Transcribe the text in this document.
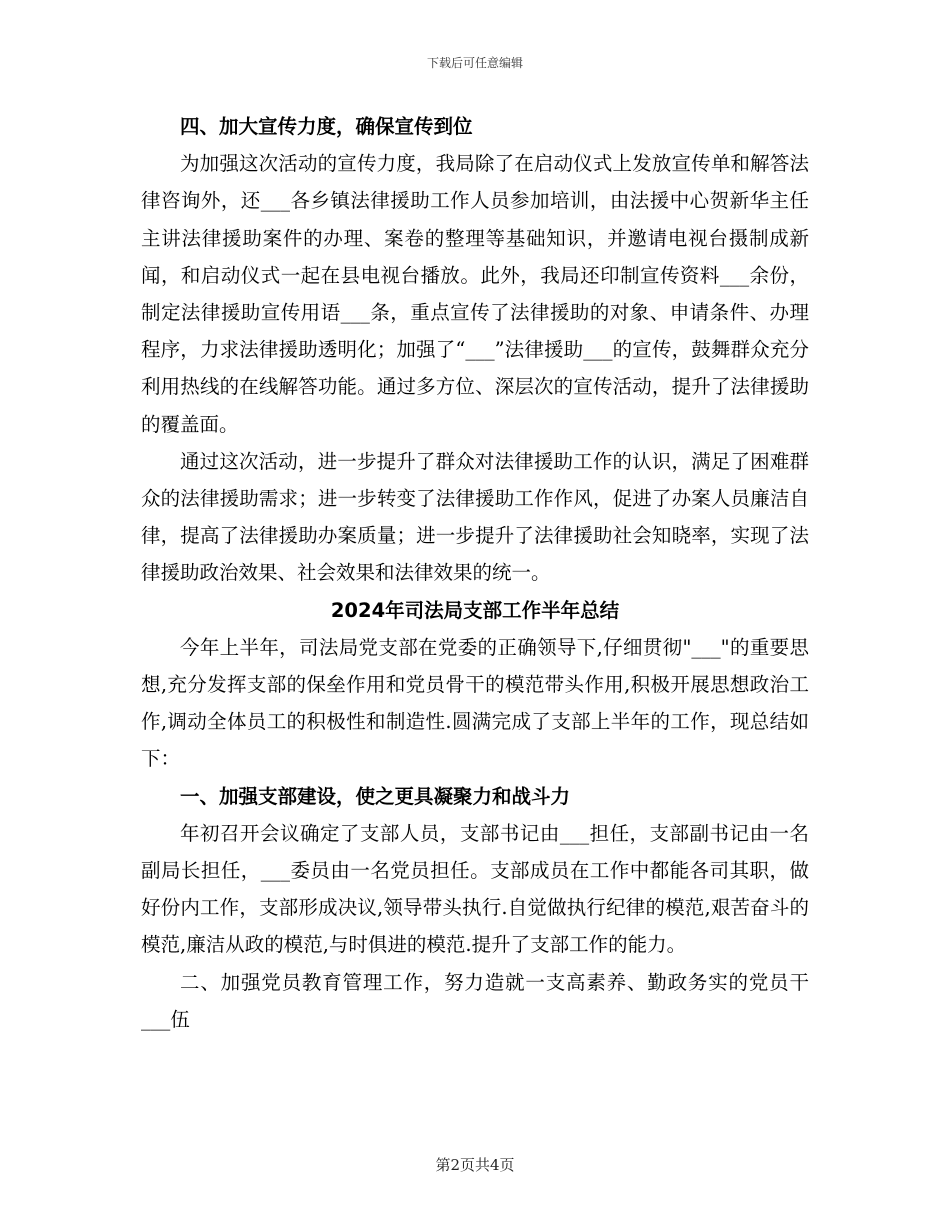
下载后可任意编辑

四、加大宣传力度，确保宣传到位

为加强这次活动的宣传力度，我局除了在启动仪式上发放宣传单和解答法律咨询外，还___各乡镇法律援助工作人员参加培训，由法援中心贺新华主任主讲法律援助案件的办理、案卷的整理等基础知识，并邀请电视台摄制成新闻，和启动仪式一起在县电视台播放。此外，我局还印制宣传资料___余份，制定法律援助宣传用语___条，重点宣传了法律援助的对象、申请条件、办理程序，力求法律援助透明化；加强了“___”法律援助___的宣传，鼓舞群众充分利用热线的在线解答功能。通过多方位、深层次的宣传活动，提升了法律援助的覆盖面。

通过这次活动，进一步提升了群众对法律援助工作的认识，满足了困难群众的法律援助需求；进一步转变了法律援助工作作风，促进了办案人员廉洁自律，提高了法律援助办案质量；进一步提升了法律援助社会知晓率，实现了法律援助政治效果、社会效果和法律效果的统一。

2024年司法局支部工作半年总结

今年上半年，司法局党支部在党委的正确领导下,仔细贯彻"___"的重要思想,充分发挥支部的保垒作用和党员骨干的模范带头作用,积极开展思想政治工作,调动全体员工的积极性和制造性.圆满完成了支部上半年的工作，现总结如下：

一、加强支部建设，使之更具凝聚力和战斗力

年初召开会议确定了支部人员，支部书记由___担任，支部副书记由一名副局长担任，___委员由一名党员担任。支部成员在工作中都能各司其职，做好份内工作，支部形成决议,领导带头执行.自觉做执行纪律的模范,艰苦奋斗的模范,廉洁从政的模范,与时俱进的模范.提升了支部工作的能力。

二、加强党员教育管理工作，努力造就一支高素养、勤政务实的党员干___伍

第2页共4页
